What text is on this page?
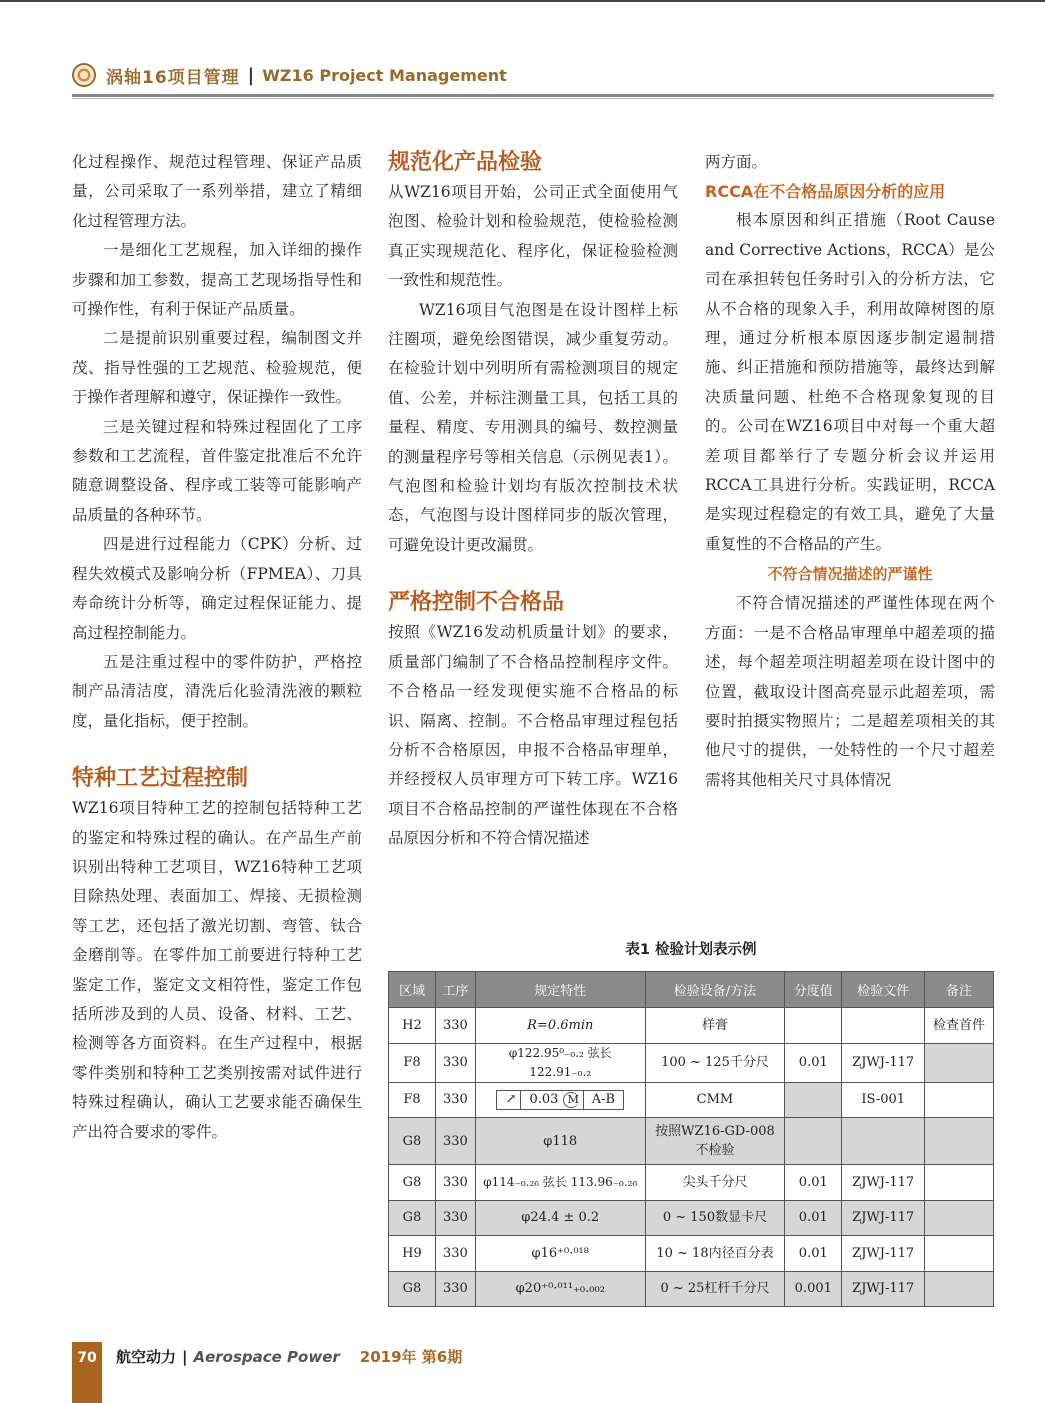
涡轴16项目管理 | WZ16 Project Management

化过程操作、规范过程管理、保证产品质量，公司采取了一系列举措，建立了精细化过程管理方法。

一是细化工艺规程，加入详细的操作步骤和加工参数，提高工艺现场指导性和可操作性，有利于保证产品质量。

二是提前识别重要过程，编制图文并茂、指导性强的工艺规范、检验规范，便于操作者理解和遵守，保证操作一致性。

三是关键过程和特殊过程固化了工序参数和工艺流程，首件鉴定批准后不允许随意调整设备、程序或工装等可能影响产品质量的各种环节。

四是进行过程能力（CPK）分析、过程失效模式及影响分析（FPMEA）、刀具寿命统计分析等，确定过程保证能力、提高过程控制能力。

五是注重过程中的零件防护，严格控制产品清洁度，清洗后化验清洗液的颗粒度，量化指标，便于控制。

特种工艺过程控制

WZ16项目特种工艺的控制包括特种工艺的鉴定和特殊过程的确认。在产品生产前识别出特种工艺项目，WZ16特种工艺项目除热处理、表面加工、焊接、无损检测等工艺，还包括了激光切割、弯管、钛合金磨削等。在零件加工前要进行特种工艺鉴定工作，鉴定文文相符性，鉴定工作包括所涉及到的人员、设备、材料、工艺、检测等各方面资料。在生产过程中，根据零件类别和特种工艺类别按需对试件进行特殊过程确认，确认工艺要求能否确保生产出符合要求的零件。

规范化产品检验

从WZ16项目开始，公司正式全面使用气泡图、检验计划和检验规范，使检验检测真正实现规范化、程序化，保证检验检测一致性和规范性。

WZ16项目气泡图是在设计图样上标注圈项，避免绘图错误，减少重复劳动。在检验计划中列明所有需检测项目的规定值、公差，并标注测量工具，包括工具的量程、精度、专用测具的编号、数控测量的测量程序号等相关信息（示例见表1）。气泡图和检验计划均有版次控制技术状态，气泡图与设计图样同步的版次管理，可避免设计更改漏贯。

严格控制不合格品

按照《WZ16发动机质量计划》的要求，质量部门编制了不合格品控制程序文件。不合格品一经发现便实施不合格品的标识、隔离、控制。不合格品审理过程包括分析不合格原因，申报不合格品审理单，并经授权人员审理方可下转工序。WZ16项目不合格品控制的严谨性体现在不合格品原因分析和不符合情况描述

两方面。

RCCA在不合格品原因分析的应用

根本原因和纠正措施（Root Cause and Corrective Actions，RCCA）是公司在承担转包任务时引入的分析方法，它从不合格的现象入手，利用故障树图的原理，通过分析根本原因逐步制定遏制措施、纠正措施和预防措施等，最终达到解决质量问题、杜绝不合格现象复现的目的。公司在WZ16项目中对每一个重大超差项目都举行了专题分析会议并运用RCCA工具进行分析。实践证明，RCCA是实现过程稳定的有效工具，避免了大量重复性的不合格品的产生。

不符合情况描述的严谨性

不符合情况描述的严谨性体现在两个方面：一是不合格品审理单中超差项的描述，每个超差项注明超差项在设计图中的位置，截取设计图高亮显示此超差项，需要时拍摄实物照片；二是超差项相关的其他尺寸的提供，一处特性的一个尺寸超差需将其他相关尺寸具体情况

表1 检验计划表示例
区域	工序	规定特性	检验设备/方法	分度值	检验文件	备注
H2	330	R=0.6min	样膏			检查首件
F8	330	φ122.95⁰₋₀.₂ 弦长 122.91₋₀.₂	100 ~ 125千分尺	0.01	ZJWJ-117	
F8	330	↗ 0.03 M A-B	CMM		IS-001	
G8	330	φ118	按照WZ16-GD-008
不检验			

G8	330	φ114₋₀.₂₆ 弦长 113.96₋₀.₂₆	尖头千分尺	0.01	ZJWJ-117	
G8	330	φ24.4 ± 0.2	0 ~ 150数显卡尺	0.01	ZJWJ-117	
H9	330	φ16⁺⁰·⁰¹⁸	10 ~ 18内径百分表	0.01	ZJWJ-117	
G8	330	φ20⁺⁰·⁰¹¹₊₀.₀₀₂	0 ~ 25杠杆千分尺	0.001	ZJWJ-117	
70	航空动力 | Aerospace Power 2019年 第6期
